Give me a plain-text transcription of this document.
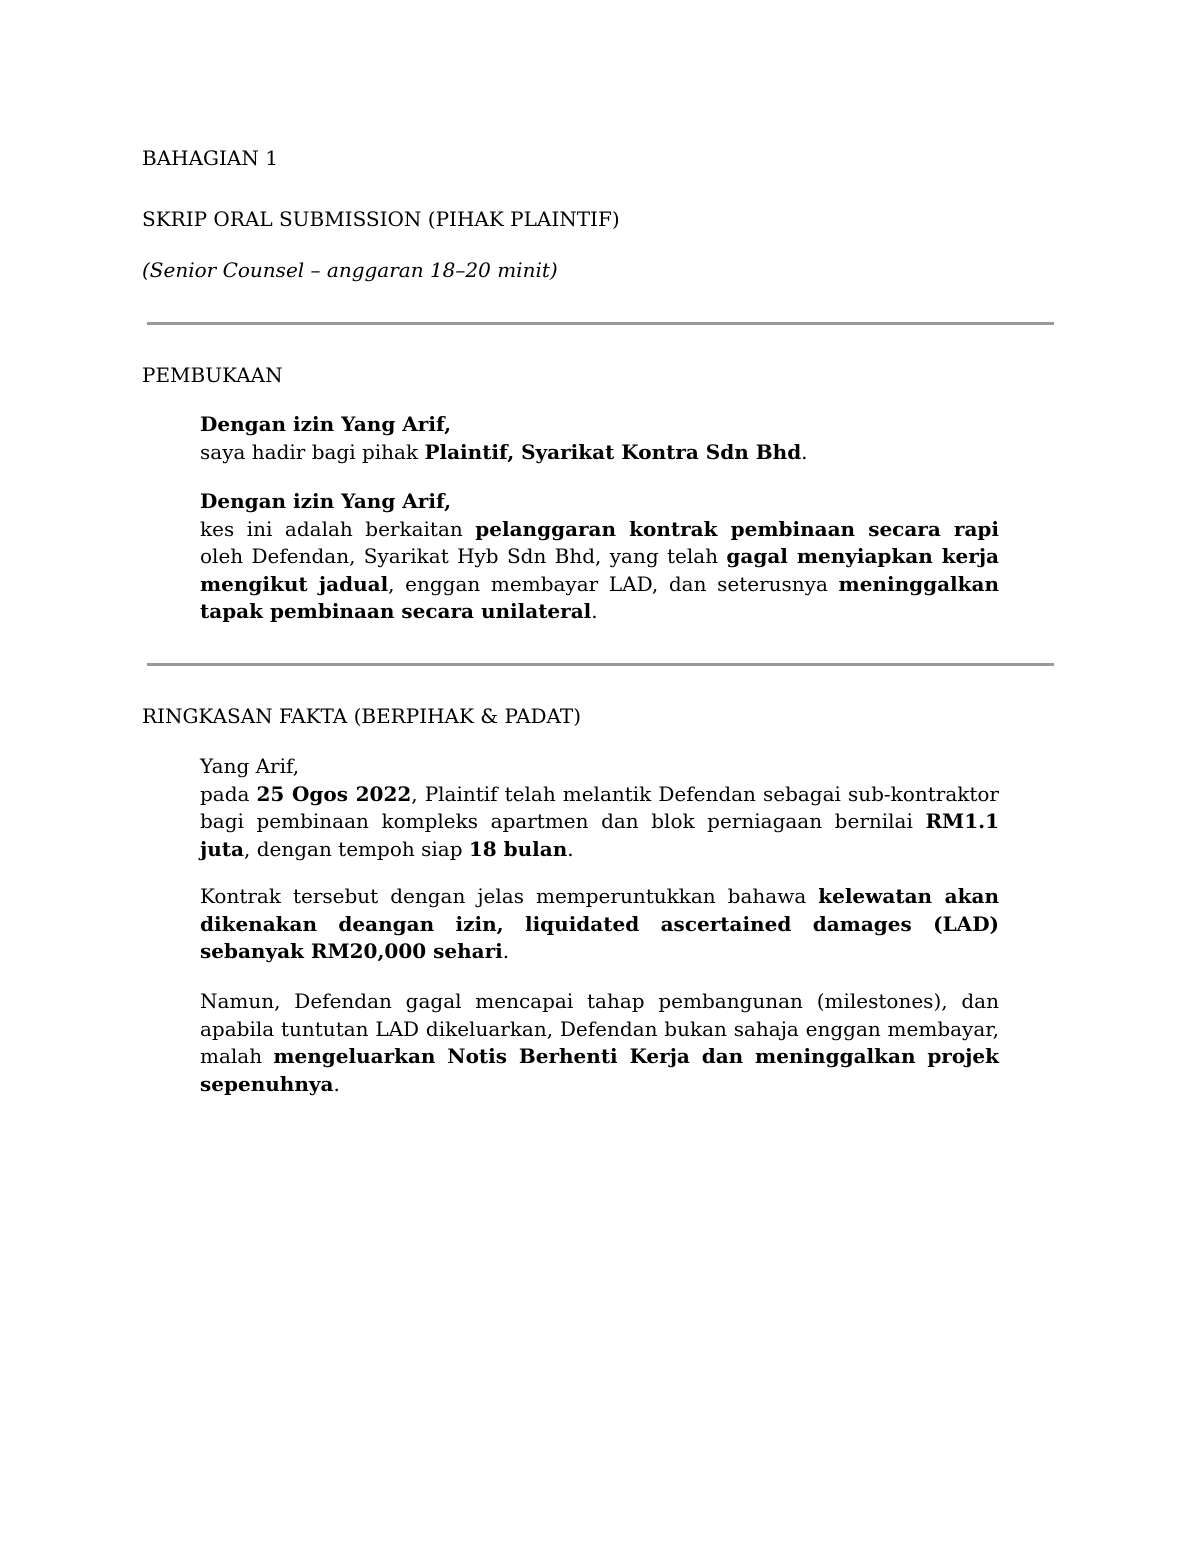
BAHAGIAN 1

SKRIP ORAL SUBMISSION (PIHAK PLAINTIF)

(Senior Counsel – anggaran 18–20 minit)

PEMBUKAAN

Dengan izin Yang Arif,
saya hadir bagi pihak Plaintif, Syarikat Kontra Sdn Bhd.

Dengan izin Yang Arif,
kes ini adalah berkaitan pelanggaran kontrak pembinaan secara rapi oleh Defendan, Syarikat Hyb Sdn Bhd, yang telah gagal menyiapkan kerja mengikut jadual, enggan membayar LAD, dan seterusnya meninggalkan tapak pembinaan secara unilateral.

RINGKASAN FAKTA (BERPIHAK & PADAT)

Yang Arif,
pada 25 Ogos 2022, Plaintif telah melantik Defendan sebagai sub-kontraktor bagi pembinaan kompleks apartmen dan blok perniagaan bernilai RM1.1 juta, dengan tempoh siap 18 bulan.

Kontrak tersebut dengan jelas memperuntukkan bahawa kelewatan akan dikenakan deangan izin, liquidated ascertained damages (LAD) sebanyak RM20,000 sehari.

Namun, Defendan gagal mencapai tahap pembangunan (milestones), dan apabila tuntutan LAD dikeluarkan, Defendan bukan sahaja enggan membayar, malah mengeluarkan Notis Berhenti Kerja dan meninggalkan projek sepenuhnya.
